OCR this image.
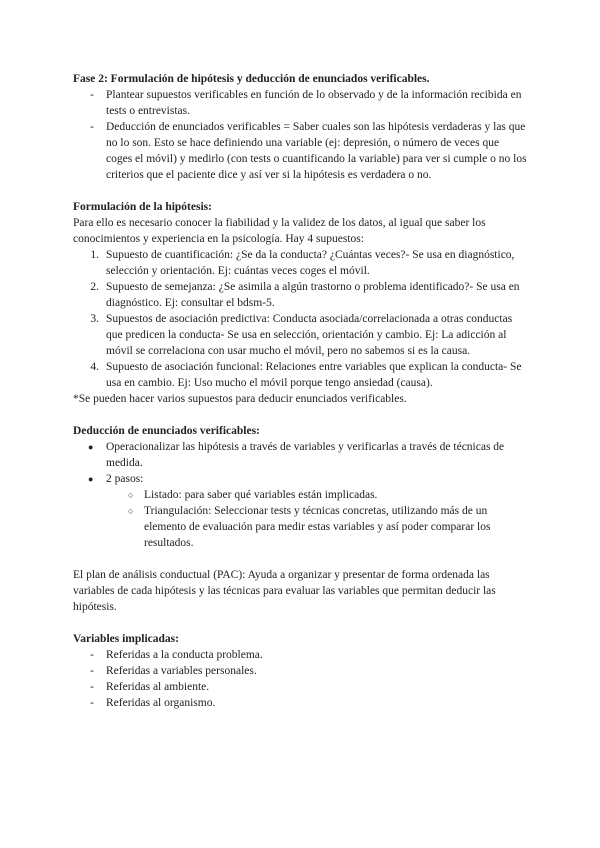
Fase 2: Formulación de hipótesis y deducción de enunciados verificables.
- Plantear supuestos verificables en función de lo observado y de la información recibida en tests o entrevistas.
- Deducción de enunciados verificables = Saber cuales son las hipótesis verdaderas y las que no lo son. Esto se hace definiendo una variable (ej: depresión, o número de veces que coges el móvil) y medirlo (con tests o cuantificando la variable) para ver si cumple o no los criterios que el paciente dice y así ver si la hipótesis es verdadera o no.
Formulación de la hipótesis:

Para ello es necesario conocer la fiabilidad y la validez de los datos, al igual que saber los conocimientos y experiencia en la psicología. Hay 4 supuestos:

1. Supuesto de cuantificación: ¿Se da la conducta? ¿Cuántas veces?- Se usa en diagnóstico, selección y orientación. Ej: cuántas veces coges el móvil.
2. Supuesto de semejanza: ¿Se asimila a algún trastorno o problema identificado?- Se usa en diagnóstico. Ej: consultar el bdsm-5.
3. Supuestos de asociación predictiva: Conducta asociada/correlacionada a otras conductas que predicen la conducta- Se usa en selección, orientación y cambio. Ej: La adicción al móvil se correlaciona con usar mucho el móvil, pero no sabemos si es la causa.
4. Supuesto de asociación funcional: Relaciones entre variables que explican la conducta- Se usa en cambio. Ej: Uso mucho el móvil porque tengo ansiedad (causa).

*Se pueden hacer varios supuestos para deducir enunciados verificables.

Deducción de enunciados verificables:
● Operacionalizar las hipótesis a través de variables y verificarlas a través de técnicas de medida.
● 2 pasos:
○ Listado: para saber qué variables están implicadas.
○ Triangulación: Seleccionar tests y técnicas concretas, utilizando más de un elemento de evaluación para medir estas variables y así poder comparar los resultados.

El plan de análisis conductual (PAC): Ayuda a organizar y presentar de forma ordenada las variables de cada hipótesis y las técnicas para evaluar las variables que permitan deducir las hipótesis.

Variables implicadas:
- Referidas a la conducta problema.
- Referidas a variables personales.
- Referidas al ambiente.
- Referidas al organismo.
